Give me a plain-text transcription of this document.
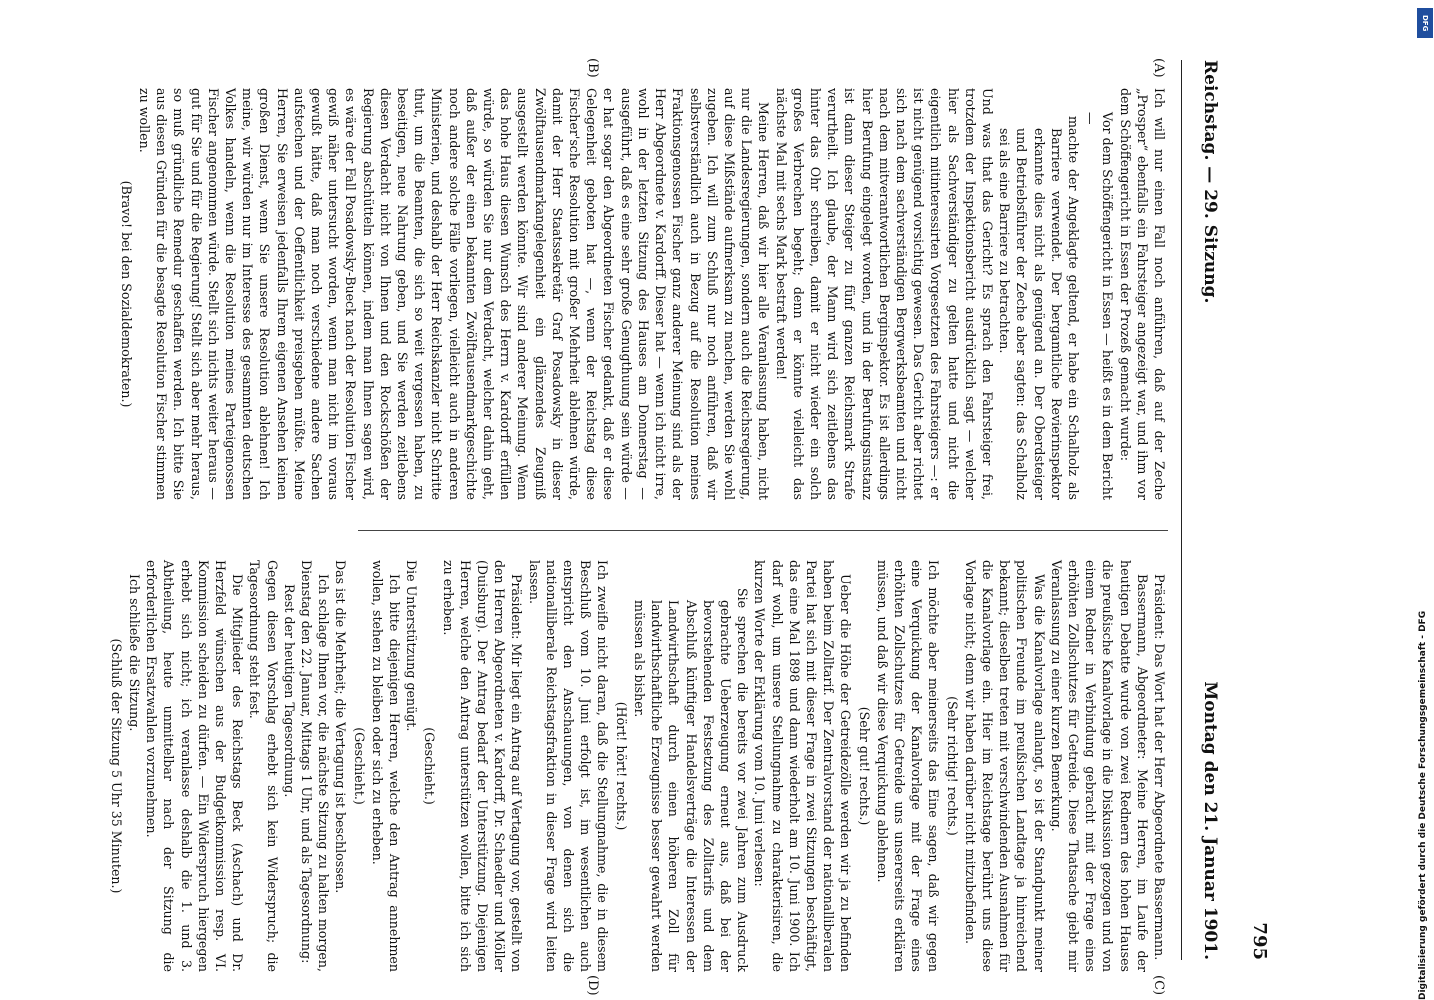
Reichstag. — 29. Sitzung.
Montag den 21. Januar 1901. 795
(A)
(B)
(C)
(D)

Ich will nur einen Fall noch anführen, daß auf der Zeche „Prosper“ ebenfalls ein Fahrsteiger angezeigt war, und ihm vor dem Schöffengericht in Essen der Prozeß gemacht wurde:

Vor dem Schöffengericht in Essen — heißt es in dem Bericht —

machte der Angeklagte geltend, er habe ein Schalholz als Barriere verwendet. Der bergamtliche Revierinspektor erkannte dies nicht als genügend an. Der Oberdsteiger und Betriebsführer der Zeche aber sagten: das Schalholz sei als eine Barriere zu betrachten.

Und was that das Gericht? Es sprach den Fahrsteiger frei, trotzdem der Inspektionsbericht ausdrücklich sagt — welcher hier als Sachverständiger zu gelten hatte und nicht die eigentlich mitinteressirten Vorgesetzten des Fahrsteigers —: er ist nicht genügend vorsichtig gewesen. Das Gericht aber richtet sich nach dem sachverständigen Bergwerksbeamten und nicht nach dem mitverantwortlichen Berginspektor. Es ist allerdings hier Berufung eingelegt worden, und in der Berufungsinstanz ist dann dieser Steiger zu fünf ganzen Reichsmark Strafe verurtheilt. Ich glaube, der Mann wird sich zeitlebens das hinter das Ohr schreiben, damit er nicht wieder ein solch großes Verbrechen begeht; denn er könnte vielleicht das nächste Mal mit sechs Mark bestraft werden!

Meine Herren, daß wir hier alle Veranlassung haben, nicht nur die Landesregierungen, sondern auch die Reichsregierung, auf diese Mißstände aufmerksam zu machen, werden Sie wohl zugeben. Ich will zum Schluß nur noch anführen, daß wir selbstverständlich auch in Bezug auf die Resolution meines Fraktionsgenossen Fischer ganz anderer Meinung sind als der Herr Abgeordnete v. Kardorff. Dieser hat — wenn ich nicht irre, wohl in der letzten Sitzung des Hauses am Donnerstag — ausgeführt, daß es eine sehr große Genugthuung sein würde — er hat sogar den Abgeordneten Fischer gedankt, daß er diese Gelegenheit geboten hat —, wenn der Reichstag diese Fischer'sche Resolution mit großer Mehrheit ablehnen würde, damit der Herr Staatssekretär Graf Posadowsky in dieser Zwölftausendmarkangelegenheit ein glänzendes Zeugniß ausgestellt werden könnte. Wir sind anderer Meinung. Wenn das hohe Haus diesen Wunsch des Herrn v. Kardorff erfüllen würde, so würden Sie nur dem Verdacht, welcher dahin geht, daß außer der einen bekannten Zwölftausendmarkgeschichte noch andere solche Fälle vorliegen, vielleicht auch in anderen Ministerien, und deshalb der Herr Reichskanzler nicht Schritte thut, um die Beamten, die sich so weit vergessen haben, zu beseitigen, neue Nahrung geben, und Sie werden zeitlebens diesen Verdacht nicht von Ihnen und den Rockschößen der Regierung abschütteln können, indem man Ihnen sagen wird, es wäre der Fall Posadowsky-Bueck nach der Resolution Fischer gewiß näher untersucht worden, wenn man nicht im voraus gewußt hätte, daß man noch verschiedene andere Sachen aufstechen und der Oeffentlichkeit preisgeben müßte. Meine Herren, Sie erweisen jedenfalls Ihrem eigenen Ansehen keinen großen Dienst, wenn Sie unsere Resolution ablehnen! Ich meine, wir würden nur im Interesse des gesammten deutschen Volkes handeln, wenn die Resolution meines Parteigenossen Fischer angenommen würde. Stellt sich nichts weiter heraus — gut für Sie und für die Regierung! Stellt sich aber mehr heraus, so muß gründliche Remedur geschaffen werden. Ich bitte Sie aus diesen Gründen für die besagte Resolution Fischer stimmen zu wollen.

(Bravo! bei den Sozialdemokraten.)

Präsident: Das Wort hat der Herr Abgeordnete Bassermann.

Bassermann, Abgeordneter: Meine Herren, im Laufe der heutigen Debatte wurde von zwei Rednern des hohen Hauses die preußische Kanalvorlage in die Diskussion gezogen und von einem Redner in Verbindung gebracht mit der Frage eines erhöhten Zollschutzes für Getreide. Diese Thatsache giebt mir Veranlassung zu einer kurzen Bemerkung.

Was die Kanalvorlage anlangt, so ist der Standpunkt meiner politischen Freunde im preußischen Landtage ja hinreichend bekannt; dieselben treten mit verschwindenden Ausnahmen für die Kanalvorlage ein. Hier im Reichstage berührt uns diese Vorlage nicht; denn wir haben darüber nicht mitzubefinden.

(Sehr richtig! rechts.)

Ich möchte aber meinerseits das Eine sagen, daß wir gegen eine Verquickung der Kanalvorlage mit der Frage eines erhöhten Zollschutzes für Getreide uns unsererseits erklären müssen, und daß wir diese Verquickung ablehnen.

(Sehr gut! rechts.)

Ueber die Höhe der Getreidezölle werden wir ja zu befinden haben beim Zolltarif. Der Zentralvorstand der nationalliberalen Partei hat sich mit dieser Frage in zwei Sitzungen beschäftigt, das eine Mal 1898 und dann wiederholt am 10. Juni 1900. Ich darf wohl, um unsere Stellungnahme zu charakterisiren, die kurzen Worte der Erklärung vom 10. Juni verlesen:

Sie sprechen die bereits vor zwei Jahren zum Ausdruck gebrachte Ueberzeugung erneut aus, daß bei der bevorstehenden Festsetzung des Zolltarifs und dem Abschluß künftiger Handelsverträge die Interessen der Landwirthschaft durch einen höheren Zoll für landwirthschaftliche Erzeugnisse besser gewahrt werden müssen als bisher.

(Hört! hört! rechts.)

Ich zweifle nicht daran, daß die Stellungnahme, die in diesem Beschluß vom 10. Juni erfolgt ist, im wesentlichen auch entspricht den Anschauungen, von denen sich die nationalliberale Reichstagsfraktion in dieser Frage wird leiten lassen.

Präsident: Mir liegt ein Antrag auf Vertagung vor, gestellt von den Herren Abgeordneten v. Kardorff, Dr. Schaedler und Möller (Duisburg). Der Antrag bedarf der Unterstützung. Diejenigen Herren, welche den Antrag unterstützen wollen, bitte ich sich zu erheben.

(Geschieht.)

Die Unterstützung genügt.

Ich bitte diejenigen Herren, welche den Antrag annehmen wollen, stehen zu bleiben oder sich zu erheben.

(Geschieht.)

Das ist die Mehrheit; die Vertagung ist beschlossen.

Ich schlage Ihnen vor, die nächste Sitzung zu halten morgen, Dienstag den 22. Januar, Mittags 1 Uhr, und als Tagesordnung:

Rest der heutigen Tagesordnung.

Gegen diesen Vorschlag erhebt sich kein Widerspruch; die Tagesordnung steht fest.

Die Mitglieder des Reichstags Beck (Aschach) und Dr. Herzfeld wünschen aus der Budgetkommission resp. VI. Kommission scheiden zu dürfen. — Ein Widerspruch hiergegen erhebt sich nicht; ich veranlasse deshalb die 1. und 3. Abtheilung, heute unmittelbar nach der Sitzung die erforderlichen Ersatzwahlen vorzunehmen.

Ich schließe die Sitzung.

(Schluß der Sitzung 5 Uhr 35 Minuten.)	Digitalisierung gefördert durch die Deutsche Forschungsgemeinschaft - DFG
DFG
